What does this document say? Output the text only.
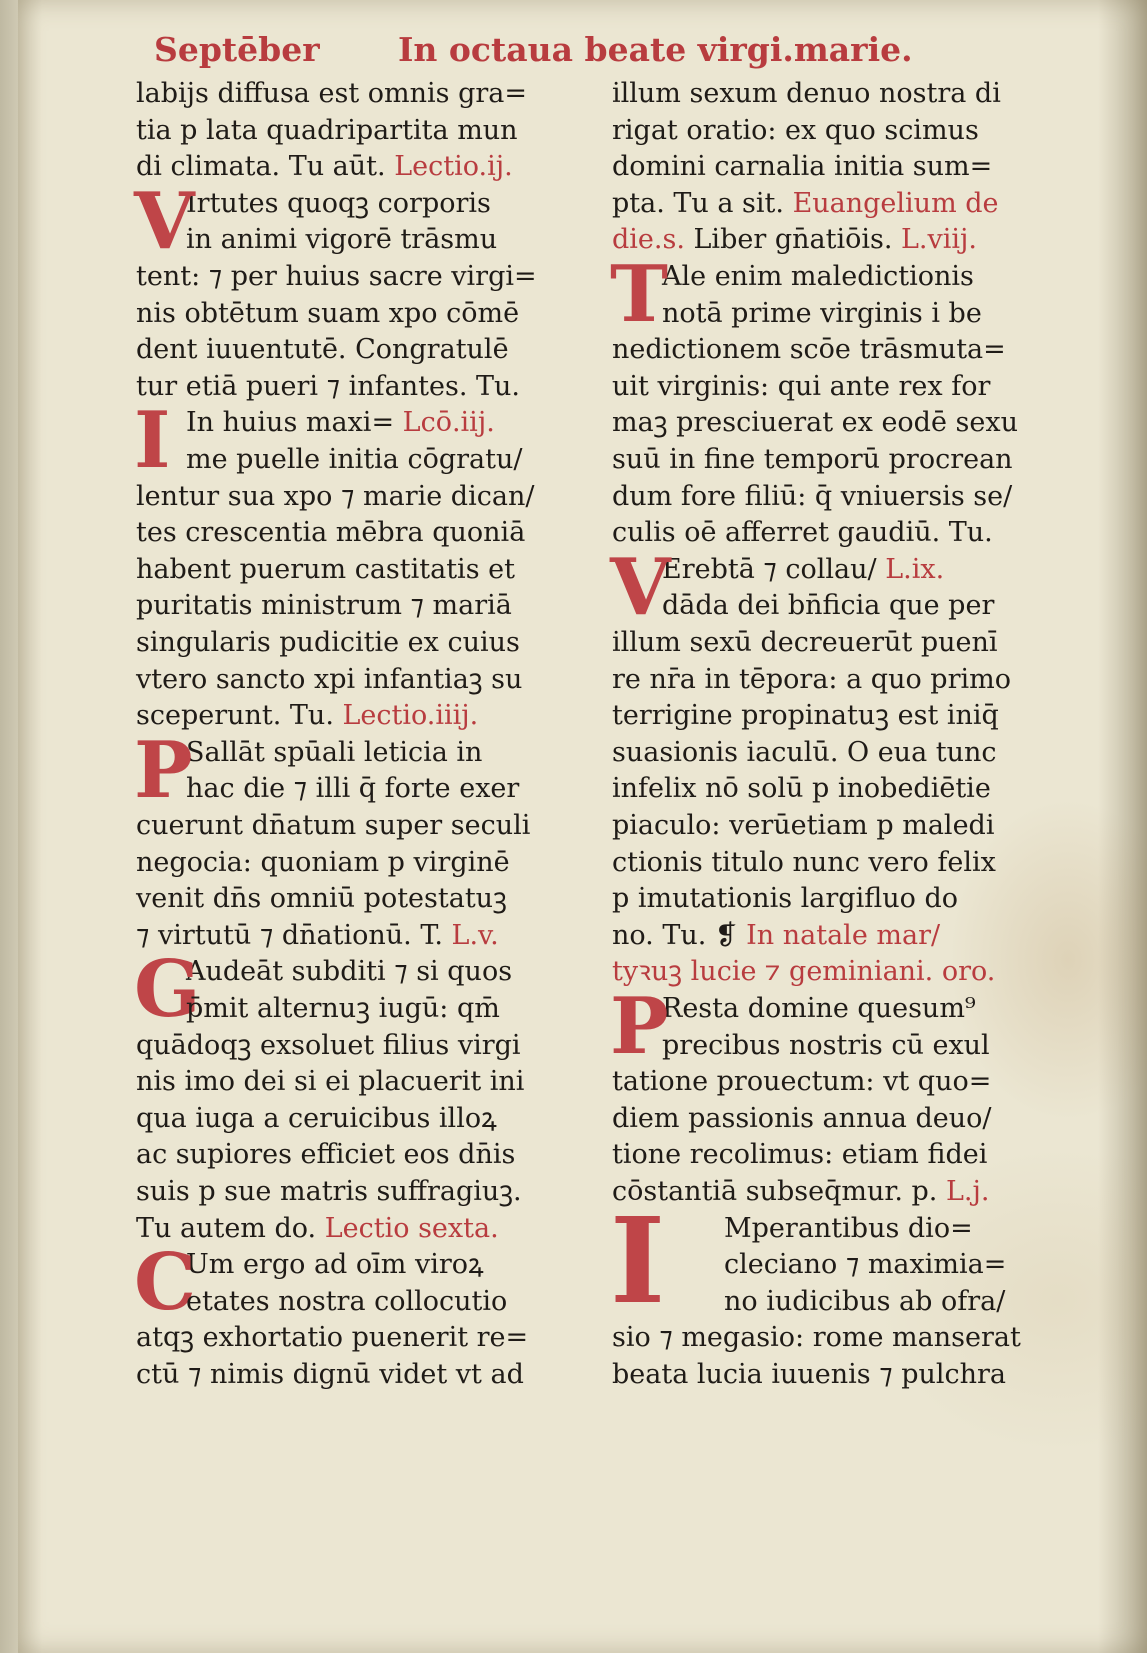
Septēber In octaua beate virgi.marie.
labijs diffusa est omnis gra=
tia p lata quadripartita mun
di climata. Tu aūt. Lectio.ij.
Irtutes quoqꝫ corporis
V
in animi vigorē trāsmu
tent: ⁊ per huius sacre virgi=
nis obtētum suam xpo cōmē
dent iuuentutē. Congratulē
tur etiā pueri ⁊ infantes. Tu.
In huius maxi= Lcō.iij.
I me puelle initia cōgratu/
lentur sua xpo ⁊ marie dican/
tes crescentia mēbra quoniā
habent puerum castitatis et
puritatis ministrum ⁊ mariā
singularis pudicitie ex cuius
vtero sancto xpi infantiaꝫ su
sceperunt. Tu. Lectio.iiij.
Sallāt spūali leticia in
P
hac die ⁊ illi q̄ forte exer
cuerunt dn̄atum super seculi
negocia: quoniam p virginē
venit dn̄s omniū potestatuꝫ
⁊ virtutū ⁊ dn̄ationū. T. L.v.
Audeāt subditi ⁊ si quos
G
p̄mit alternuꝫ iugū: qm̄
quādoqꝫ exsoluet filius virgi
nis imo dei si ei placuerit ini
qua iuga a ceruicibus illoꝝ
ac supiores efficiet eos dn̄is
suis p sue matris suffragiuꝫ.
Tu autem do. Lectio sexta.
Um ergo ad oīm viroꝝ
C
etates nostra collocutio
atqꝫ exhortatio puenerit re=
ctū ⁊ nimis dignū videt vt ad
illum sexum denuo nostra di
rigat oratio: ex quo scimus
domini carnalia initia sum=
pta. Tu a sit. Euangelium de
die.s. Liber gn̄atiōis. L.viij.
Ale enim maledictionis
T
notā prime virginis i be
nedictionem scōe trāsmuta=
uit virginis: qui ante rex for
maꝫ presciuerat ex eodē sexu
suū in fine temporū procrean
dum fore filiū: q̄ vniuersis se/
culis oē afferret gaudiū. Tu.
Erebtā ⁊ collau/ L.ix.
V
dāda dei bn̄ficia que per
illum sexū decreuerūt puenī
re nr̄a in tēpora: a quo primo
terrigine propinatuꝫ est iniq̄
suasionis iaculū. O eua tunc
infelix nō solū p inobediētie
piaculo: verūetiam p maledi
ctionis titulo nunc vero felix
p imutationis largifluo do
no. Tu. ❡ In natale mar/
tyꝛuꝫ lucie ⁊ geminiani. oro.
Resta domine quesum⁹
P
precibus nostris cū exul
tatione prouectum: vt quo=
diem passionis annua deuo/
tione recolimus: etiam fidei
cōstantiā subseq̄mur. p. L.j.
Mperantibus dio=
I cleciano ⁊ maximia=
no iudicibus ab ofra/
sio ⁊ megasio: rome manserat
beata lucia iuuenis ⁊ pulchra
